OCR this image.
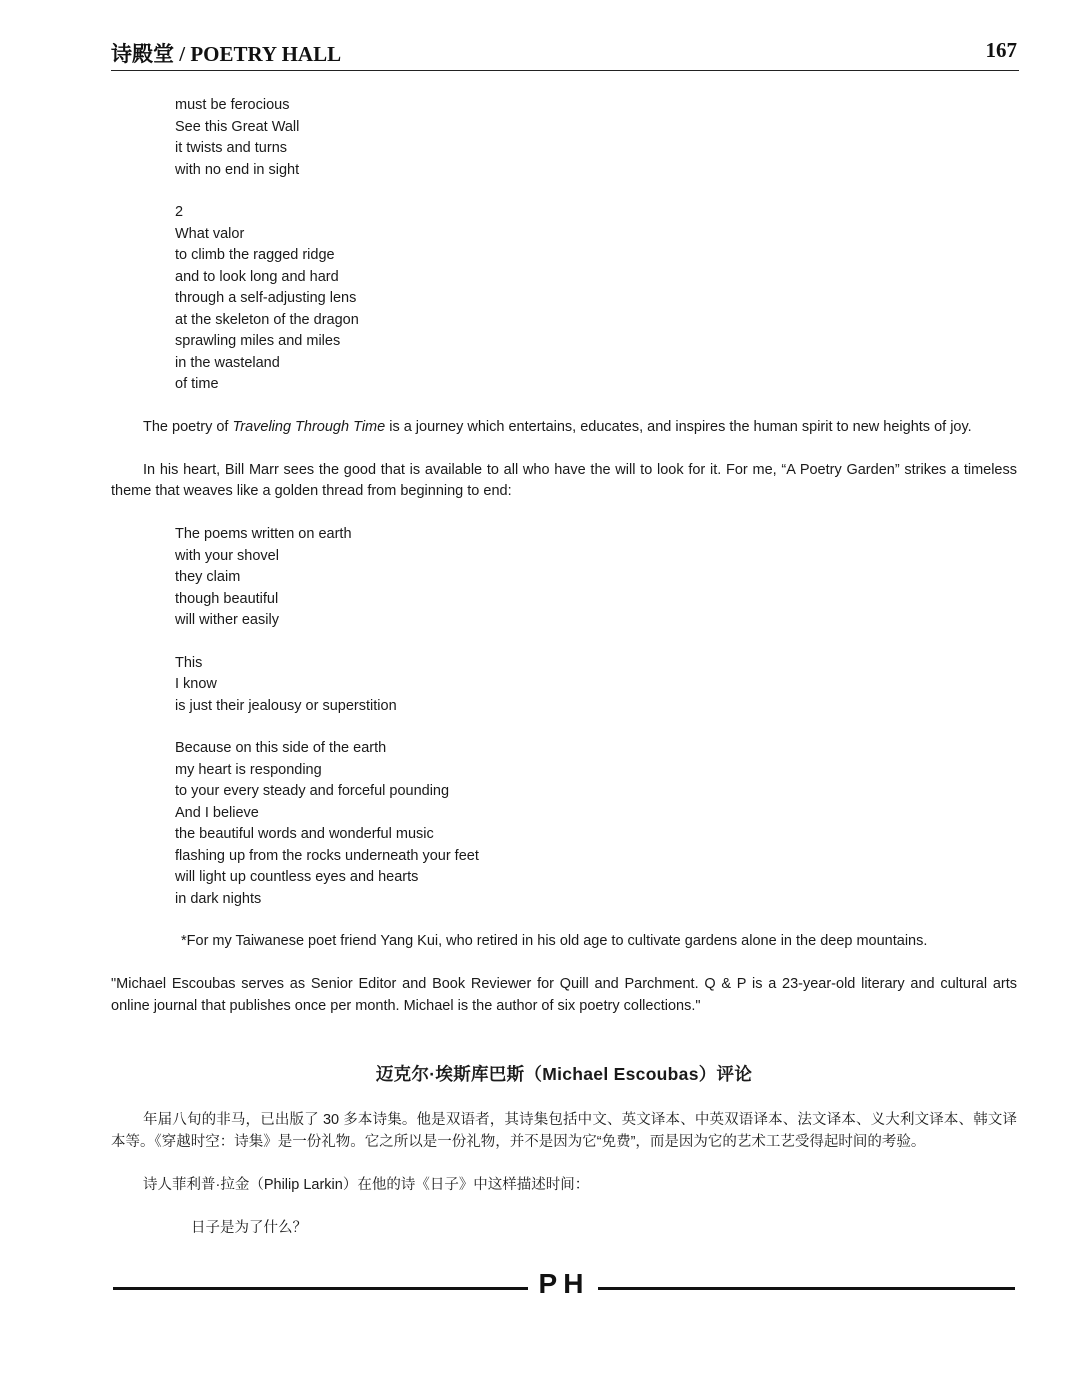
诗殿堂 / POETRY HALL	167
must be ferocious
See this Great Wall
it twists and turns
with no end in sight
2
What valor
to climb the ragged ridge
and to look long and hard
through a self-adjusting lens
at the skeleton of the dragon
sprawling miles and miles
in the wasteland
of time

The poetry of Traveling Through Time is a journey which entertains, educates, and inspires the human spirit to new heights of joy.

In his heart, Bill Marr sees the good that is available to all who have the will to look for it. For me, “A Poetry Garden” strikes a timeless theme that weaves like a golden thread from beginning to end:

The poems written on earth
with your shovel
they claim
though beautiful
will wither easily
This
I know
is just their jealousy or superstition
Because on this side of the earth
my heart is responding
to your every steady and forceful pounding
And I believe
the beautiful words and wonderful music
flashing up from the rocks underneath your feet
will light up countless eyes and hearts
in dark nights
*For my Taiwanese poet friend Yang Kui, who retired in his old age to cultivate gardens alone in the deep mountains.

"Michael Escoubas serves as Senior Editor and Book Reviewer for Quill and Parchment. Q & P is a 23-year-old literary and cultural arts online journal that publishes once per month. Michael is the author of six poetry collections."

迈克尔·埃斯库巴斯（Michael Escoubas）评论

年届八旬的非马，已出版了 30 多本诗集。他是双语者，其诗集包括中文、英文译本、中英双语译本、法文译本、义大利文译本、韩文译本等。《穿越时空：诗集》是一份礼物。它之所以是一份礼物，并不是因为它“免费”，而是因为它的艺术工艺受得起时间的考验。

诗人菲利普·拉金（Philip Larkin）在他的诗《日子》中这样描述时间：

日子是为了什么？
PH
